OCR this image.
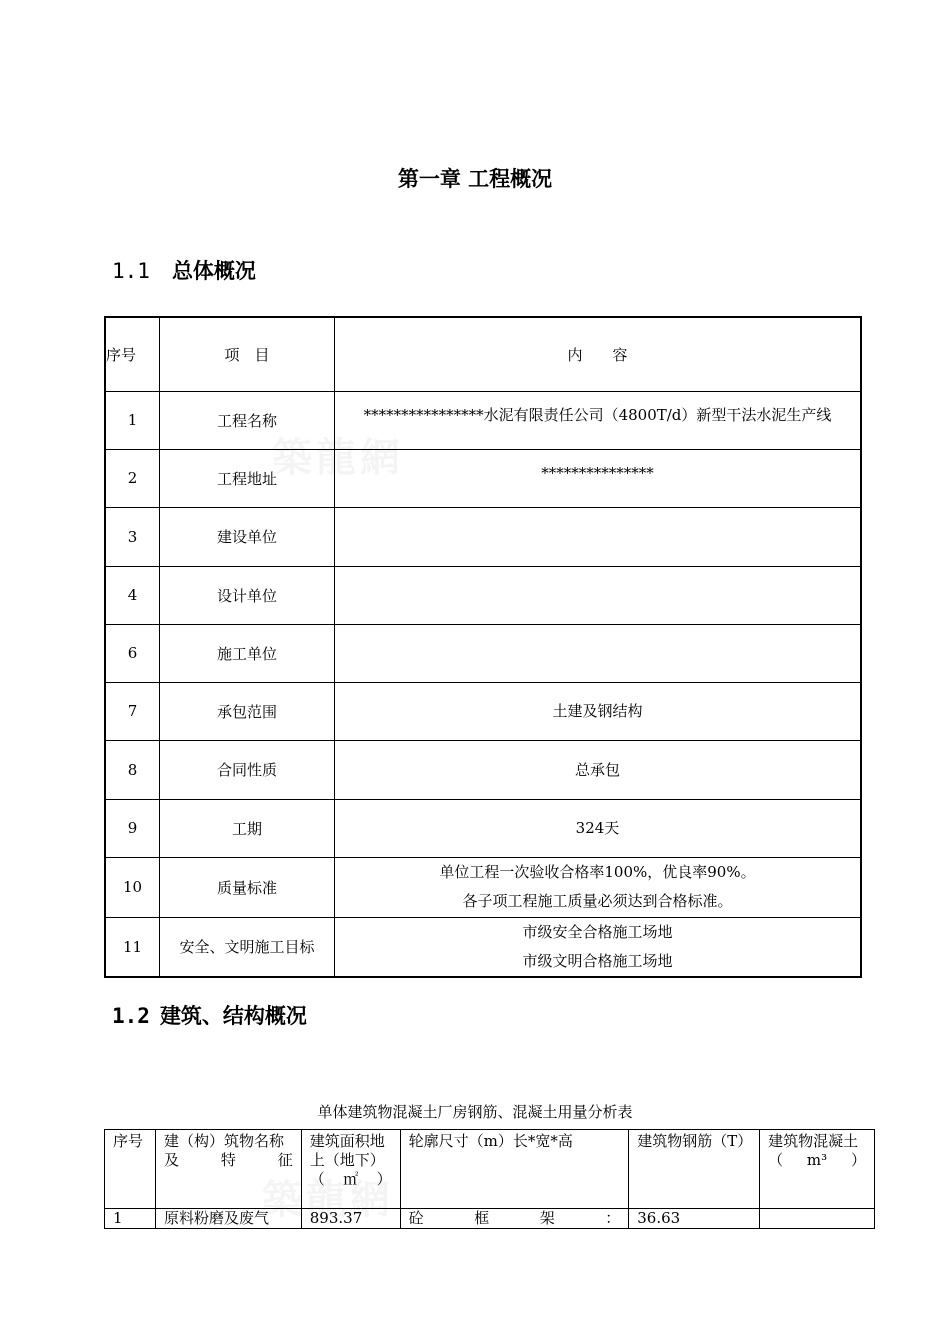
第一章 工程概况
1.1 总体概况
序号	项　目	内　　容
1	工程名称	****************水泥有限责任公司（4800T/d）新型干法水泥生产线

2	工程地址	***************

3	建设单位	

4	设计单位	

6	施工单位	

7	承包范围	土建及钢结构

8	合同性质	总承包

9	工期	324天

10	质量标准	单位工程一次验收合格率100%，优良率90%。
各子项工程施工质量必须达到合格标准。

11	安全、文明施工目标	市级安全合格施工场地
市级文明合格施工场地
1.2 建筑、结构概况
单体建筑物混凝土厂房钢筋、混凝土用量分析表
序号	建（构）筑物名称及特征	建筑面积地上（地下）（㎡）	轮廓尺寸（m）长*宽*高	建筑物钢筋（T）	建筑物混凝土（m³）
1	原料粉磨及废气	893.37	砼　框　架　：	36.63	
